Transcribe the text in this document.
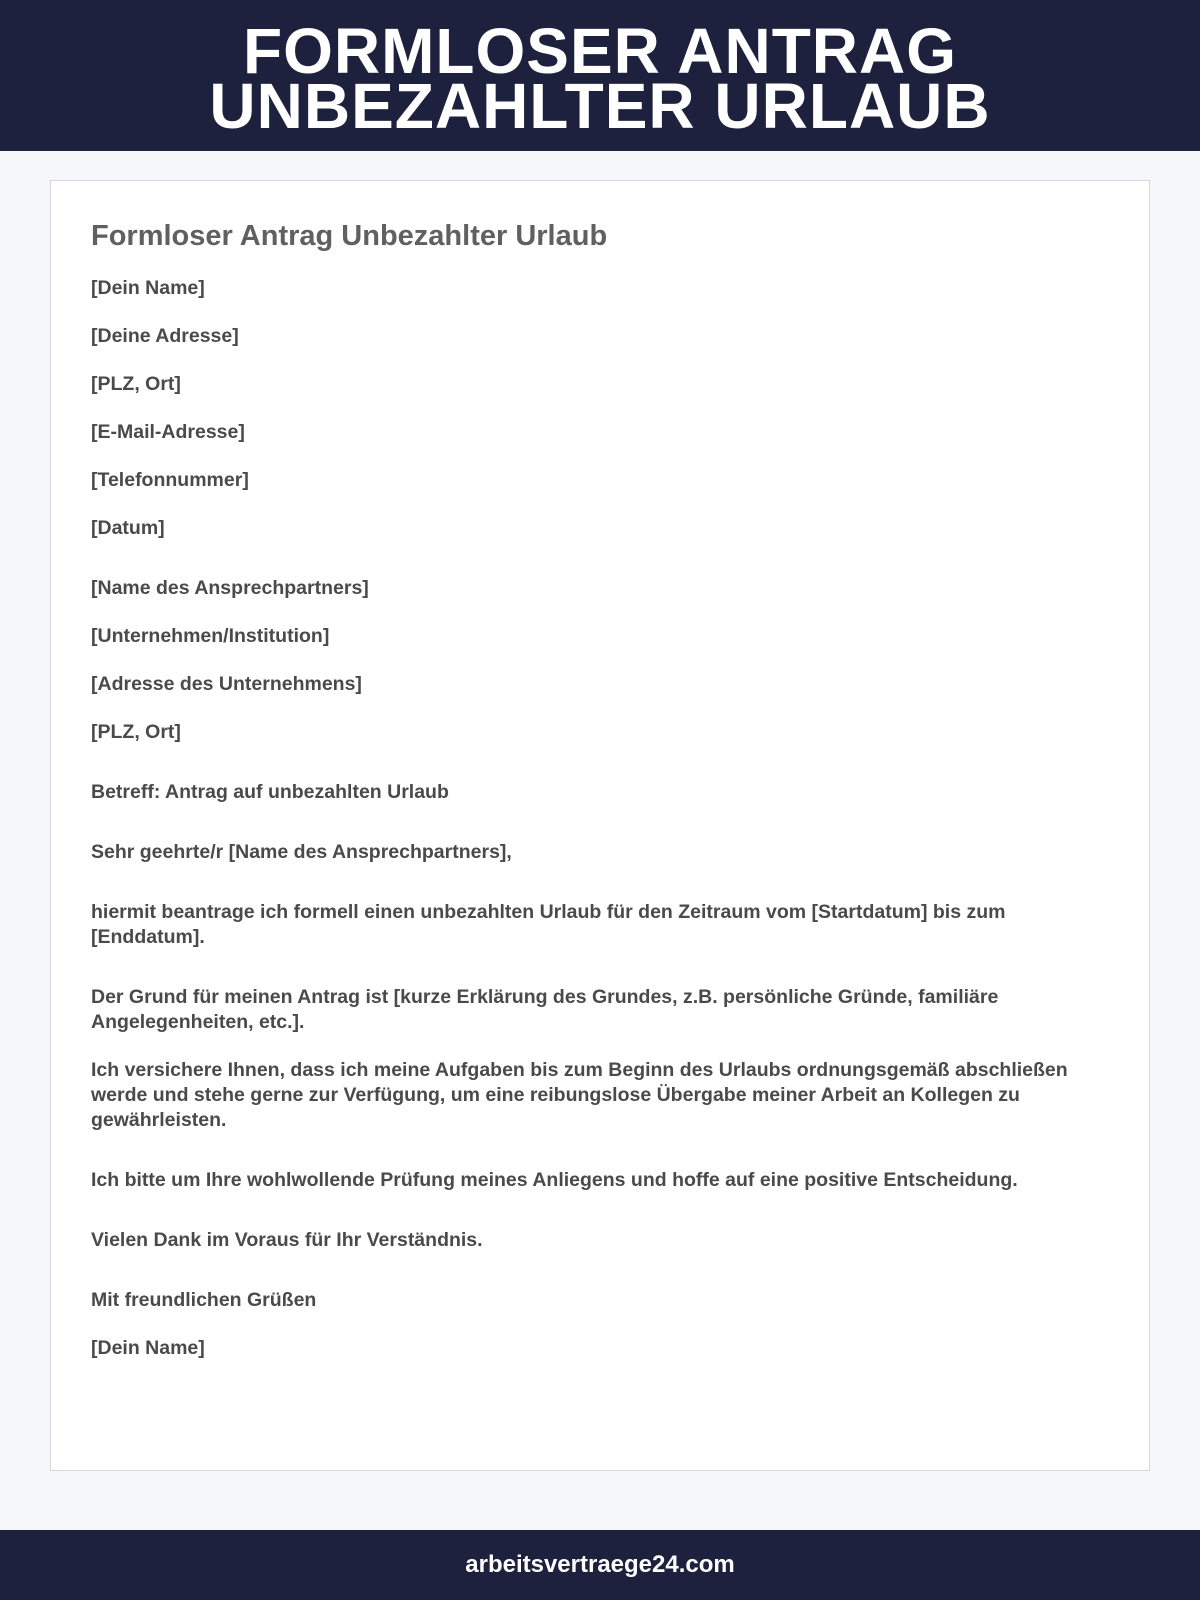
FORMLOSER ANTRAG
UNBEZAHLTER URLAUB
Formloser Antrag Unbezahlter Urlaub

[Dein Name]

[Deine Adresse]

[PLZ, Ort]

[E-Mail-Adresse]

[Telefonnummer]

[Datum]

[Name des Ansprechpartners]

[Unternehmen/Institution]

[Adresse des Unternehmens]

[PLZ, Ort]

Betreff: Antrag auf unbezahlten Urlaub

Sehr geehrte/r [Name des Ansprechpartners],

hiermit beantrage ich formell einen unbezahlten Urlaub für den Zeitraum vom [Startdatum] bis zum [Enddatum].

Der Grund für meinen Antrag ist [kurze Erklärung des Grundes, z.B. persönliche Gründe, familiäre Angelegenheiten, etc.].

Ich versichere Ihnen, dass ich meine Aufgaben bis zum Beginn des Urlaubs ordnungsgemäß abschließen werde und stehe gerne zur Verfügung, um eine reibungslose Übergabe meiner Arbeit an Kollegen zu gewährleisten.

Ich bitte um Ihre wohlwollende Prüfung meines Anliegens und hoffe auf eine positive Entscheidung.

Vielen Dank im Voraus für Ihr Verständnis.

Mit freundlichen Grüßen

[Dein Name]

arbeitsvertraege24.com
